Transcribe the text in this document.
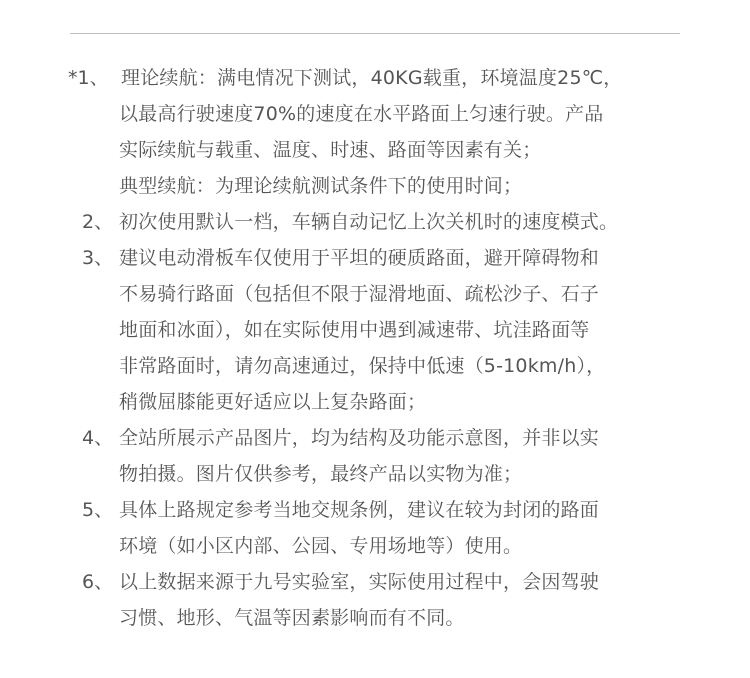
*1、 理论续航：满电情况下测试，40KG载重，环境温度25℃，
以最高行驶速度70%的速度在水平路面上匀速行驶。产品
实际续航与载重、温度、时速、路面等因素有关；
典型续航：为理论续航测试条件下的使用时间；
2、 初次使用默认一档，车辆自动记忆上次关机时的速度模式。
3、 建议电动滑板车仅使用于平坦的硬质路面，避开障碍物和
不易骑行路面（包括但不限于湿滑地面、疏松沙子、石子
地面和冰面），如在实际使用中遇到减速带、坑洼路面等
非常路面时，请勿高速通过，保持中低速（5-10km/h），
稍微屈膝能更好适应以上复杂路面；
4、 全站所展示产品图片，均为结构及功能示意图，并非以实
物拍摄。图片仅供参考，最终产品以实物为准；
5、 具体上路规定参考当地交规条例，建议在较为封闭的路面
环境（如小区内部、公园、专用场地等）使用。
6、 以上数据来源于九号实验室，实际使用过程中，会因驾驶
习惯、地形、气温等因素影响而有不同。
